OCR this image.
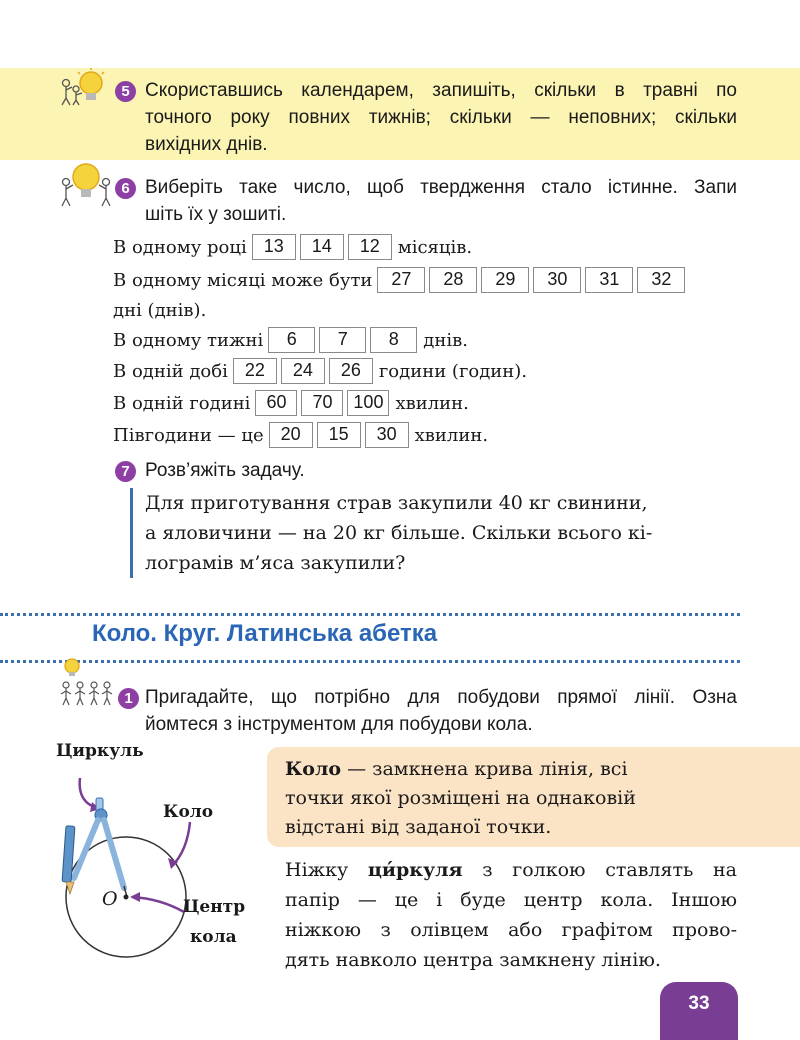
5 Скориставшись календарем, запишіть, скільки в травні по
точного року повних тижнів; скільки — неповних; скільки
вихідних днів.
6 Виберіть таке число, щоб твердження стало істинне. Запи
шіть їх у зошиті.
В одному році 13	14	12 місяців.
В одному місяці може бути	27	28	29	30	31	32
дні (днів).
В одному тижні	6	7	8	днів.
В одній добі 22	24	26 години (годин).
В одній годині 60	70	100 хвилин.
Півгодини — це 20	15	30 хвилин.
7 Розв’яжіть задачу.
Для приготування страв закупили 40 кг свинини,
а яловичини — на 20 кг більше. Скільки всього кі-
лограмів м’яса закупили?
Коло. Круг. Латинська абетка
1 Пригадайте, що потрібно для побудови прямої лінії. Озна
йомтеся з інструментом для побудови кола.
Циркуль
Коло
O	Центр
кола
Коло — замкнена крива лінія, всі
точки якої розміщені на однаковій
відстані від заданої точки.
Ніжку ци́ркуля з голкою ставлять на
папір — це і буде центр кола. Іншою
ніжкою з олівцем або графітом прово-
дять навколо центра замкнену лінію.
33
